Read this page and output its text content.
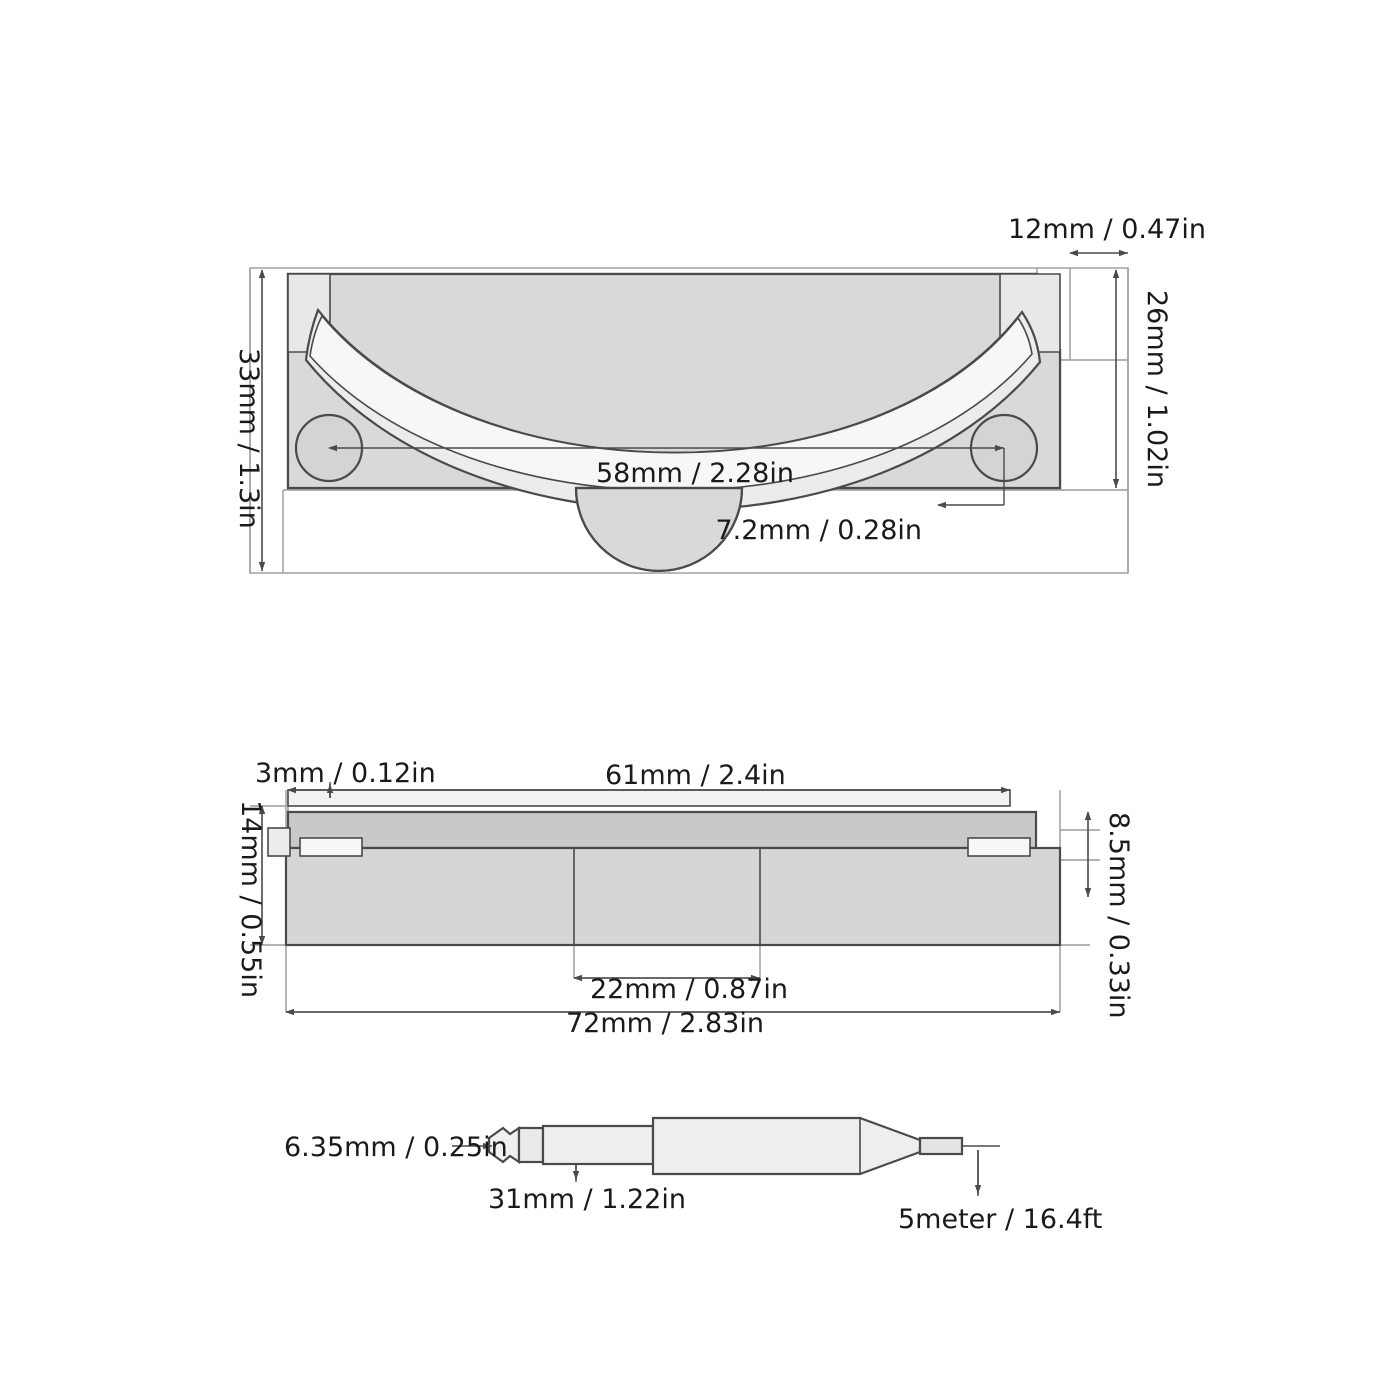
12mm / 0.47in
26mm / 1.02in
33mm / 1.3in	58mm / 2.28in
7.2mm / 0.28in
3mm / 0.12in	61mm / 2.4in
14mm / 0.55in	8.5mm / 0.33in
22mm / 0.87in
72mm / 2.83in
6.35mm / 0.25in
31mm / 1.22in
5meter / 16.4ft
